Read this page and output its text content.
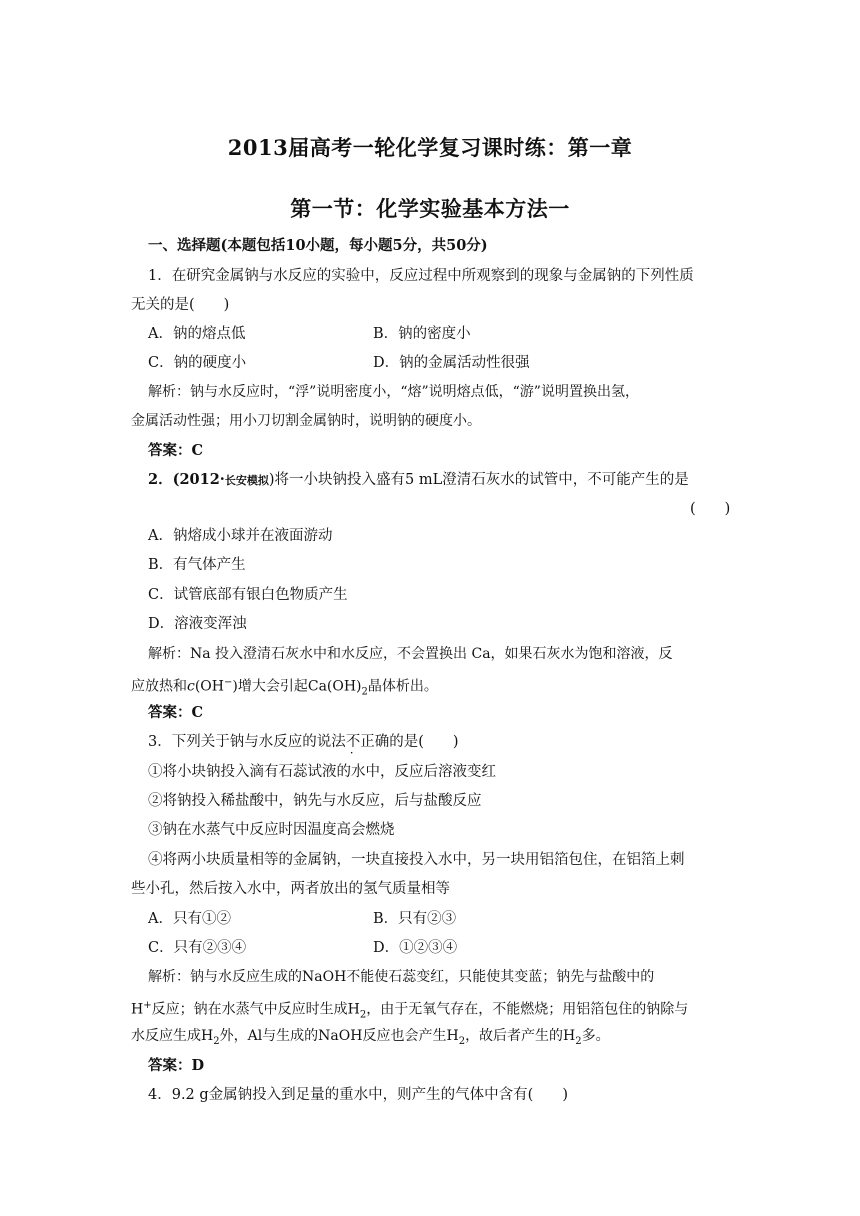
2013届高考一轮化学复习课时练：第一章
第一节：化学实验基本方法一
一、选择题(本题包括10小题，每小题5分，共50分)
1．在研究金属钠与水反应的实验中，反应过程中所观察到的现象与金属钠的下列性质
无关的是(　　)
A．钠的熔点低	B．钠的密度小
C．钠的硬度小	D．钠的金属活动性很强
解析：钠与水反应时，“浮”说明密度小，“熔”说明熔点低，“游”说明置换出氢，
金属活动性强；用小刀切割金属钠时，说明钠的硬度小。
答案：C
2．(2012·长安模拟)将一小块钠投入盛有5 mL澄清石灰水的试管中，不可能产生的是
(　　)
A．钠熔成小球并在液面游动
B．有气体产生
C．试管底部有银白色物质产生
D．溶液变浑浊
解析：Na 投入澄清石灰水中和水反应，不会置换出 Ca，如果石灰水为饱和溶液，反
应放热和c(OH−)增大会引起$Ca(OH)_2$晶体析出。
答案：C
3．下列关于钠与水反应的说法不正确的是(　　)
①将小块钠投入滴有石蕊试液的水中，反应后溶液变红
②将钠投入稀盐酸中，钠先与水反应，后与盐酸反应
③钠在水蒸气中反应时因温度高会燃烧
④将两小块质量相等的金属钠，一块直接投入水中，另一块用铝箔包住，在铝箔上刺
些小孔，然后按入水中，两者放出的氢气质量相等
A．只有①②	B．只有②③
C．只有②③④	D．①②③④
解析：钠与水反应生成的NaOH不能使石蕊变红，只能使其变蓝；钠先与盐酸中的
H+反应；钠在水蒸气中反应时生成$H_2$，由于无氧气存在，不能燃烧；用铝箔包住的钠除与
水反应生成$H_2$外，Al与生成的NaOH反应也会产生$H_2$，故后者产生的$H_2$多。
答案：D
4．9.2 g金属钠投入到足量的重水中，则产生的气体中含有(　　)
